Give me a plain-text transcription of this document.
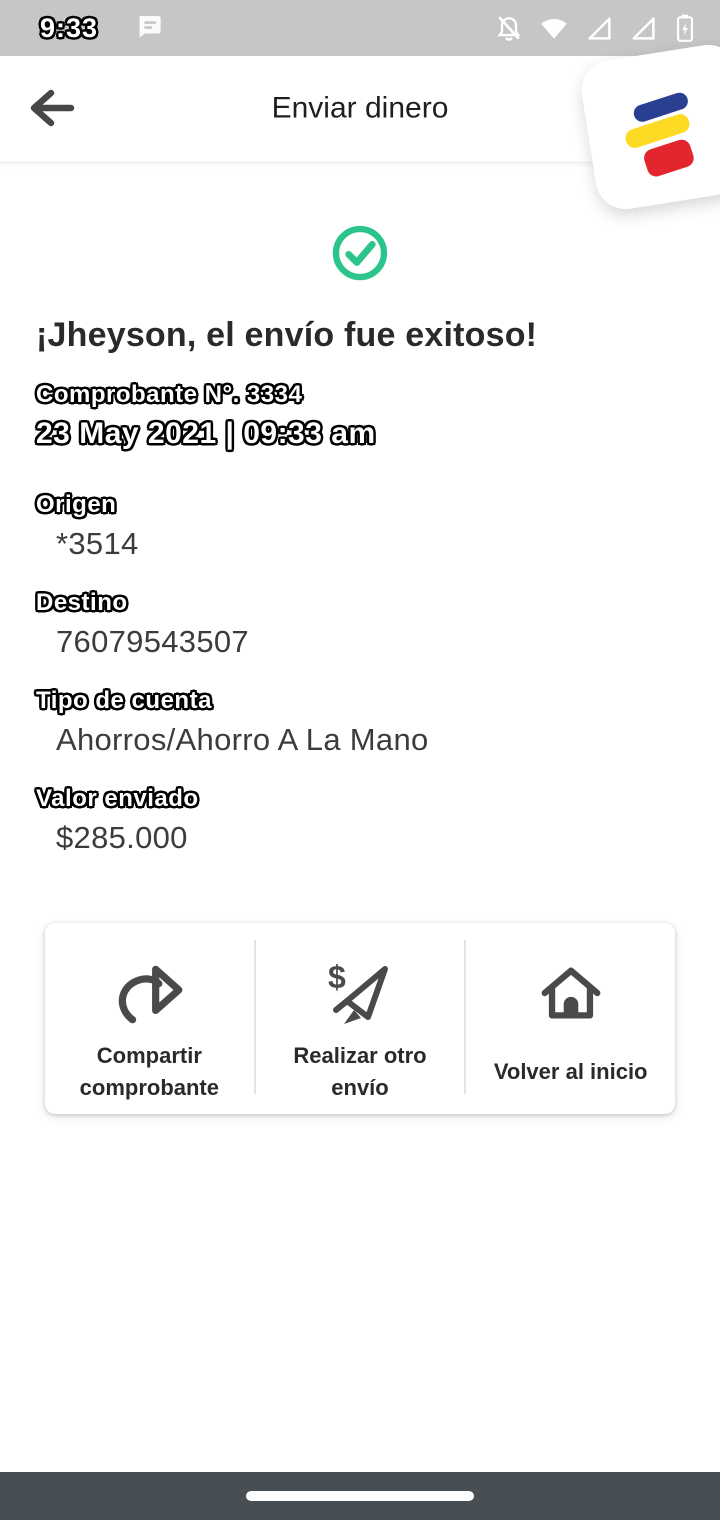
9:33
Enviar dinero
¡Jheyson, el envío fue exitoso!
Comprobante N°. 3334
23 May 2021 | 09:33 am
Origen
*3514
Destino
76079543507
Tipo de cuenta
Ahorros/Ahorro A La Mano
Valor enviado
$285.000
Compartir comprobante
$
Realizar otro envío
Volver al inicio
